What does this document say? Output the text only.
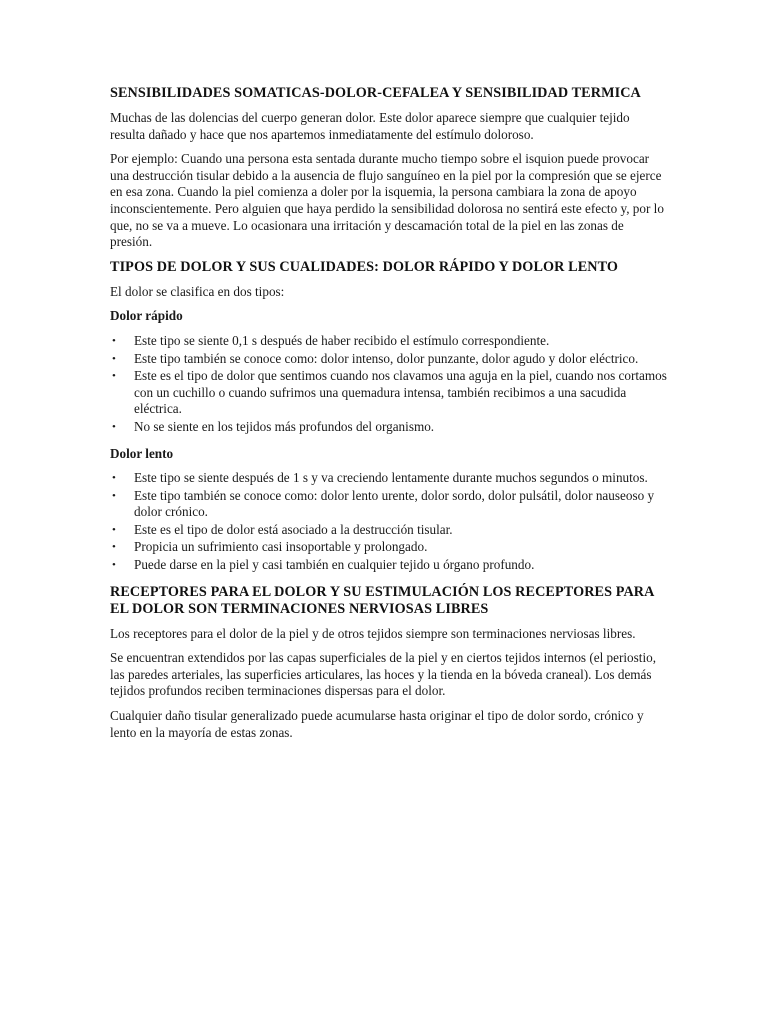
SENSIBILIDADES SOMATICAS-DOLOR-CEFALEA Y SENSIBILIDAD TERMICA

Muchas de las dolencias del cuerpo generan dolor. Este dolor aparece siempre que cualquier tejido resulta dañado y hace que nos apartemos inmediatamente del estímulo doloroso.

Por ejemplo: Cuando una persona esta sentada durante mucho tiempo sobre el isquion puede provocar una destrucción tisular debido a la ausencia de flujo sanguíneo en la piel por la compresión que se ejerce en esa zona. Cuando la piel comienza a doler por la isquemia, la persona cambiara la zona de apoyo inconscientemente. Pero alguien que haya perdido la sensibilidad dolorosa no sentirá este efecto y, por lo que, no se va a mueve. Lo ocasionara una irritación y descamación total de la piel en las zonas de presión.

TIPOS DE DOLOR Y SUS CUALIDADES: DOLOR RÁPIDO Y DOLOR LENTO

El dolor se clasifica en dos tipos:

Dolor rápido
• Este tipo se siente 0,1 s después de haber recibido el estímulo correspondiente.
• Este tipo también se conoce como: dolor intenso, dolor punzante, dolor agudo y dolor eléctrico.
• Este es el tipo de dolor que sentimos cuando nos clavamos una aguja en la piel, cuando nos cortamos con un cuchillo o cuando sufrimos una quemadura intensa, también recibimos a una sacudida eléctrica.
• No se siente en los tejidos más profundos del organismo.
Dolor lento
• Este tipo se siente después de 1 s y va creciendo lentamente durante muchos segundos o minutos.
• Este tipo también se conoce como: dolor lento urente, dolor sordo, dolor pulsátil, dolor nauseoso y dolor crónico.
• Este es el tipo de dolor está asociado a la destrucción tisular.
• Propicia un sufrimiento casi insoportable y prolongado.
• Puede darse en la piel y casi también en cualquier tejido u órgano profundo.
RECEPTORES PARA EL DOLOR Y SU ESTIMULACIÓN LOS RECEPTORES PARA EL DOLOR SON TERMINACIONES NERVIOSAS LIBRES

Los receptores para el dolor de la piel y de otros tejidos siempre son terminaciones nerviosas libres.

Se encuentran extendidos por las capas superficiales de la piel y en ciertos tejidos internos (el periostio, las paredes arteriales, las superficies articulares, las hoces y la tienda en la bóveda craneal). Los demás tejidos profundos reciben terminaciones dispersas para el dolor.

Cualquier daño tisular generalizado puede acumularse hasta originar el tipo de dolor sordo, crónico y lento en la mayoría de estas zonas.
